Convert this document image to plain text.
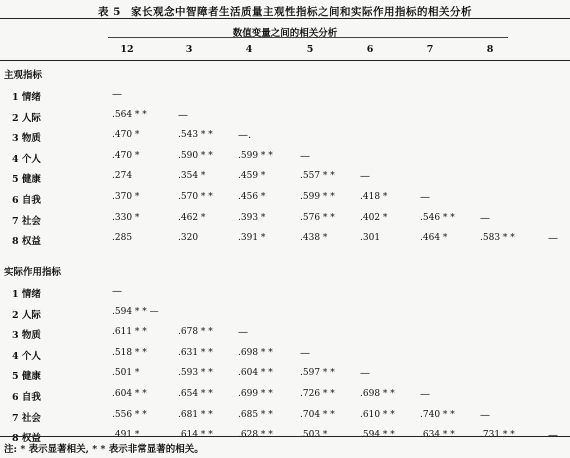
表 5 家长观念中智障者生活质量主观性指标之间和实际作用指标的相关分析
数值变量之间的相关分析
12	3	4	5	6	7	8
主观指标
1 情绪	—
2 人际	.564 * *	—
3 物质	.470 *	.543 * *	—.
4 个人	.470 *	.590 * *	.599 * *	—
5 健康	.274	.354 *	.459 *	.557 * *	—
6 自我	.370 *	.570 * *	.456 *	.599 * *	.418 *	—
7 社会	.330 *	.462 *	.393 *	.576 * *	.402 *	.546 * *	—
8 权益	.285	.320	.391 *	.438 *	.301	.464 *	.583 * *	—
实际作用指标
1 情绪	—
2 人际	.594 * * —
3 物质	.611 * *	.678 * *	—
4 个人	.518 * *	.631 * *	.698 * *	—
5 健康	.501 *	.593 * *	.604 * *	.597 * *	—
6 自我	.604 * *	.654 * *	.699 * *	.726 * *	.698 * *	—
7 社会	.556 * *	.681 * *	.685 * *	.704 * *	.610 * *	.740 * *	—
8 权益	.491 *	.614 * *	.628 * *	.503 *	.594 * *	.634 * *	.731 * *	—
注: * 表示显著相关, * * 表示非常显著的相关。
